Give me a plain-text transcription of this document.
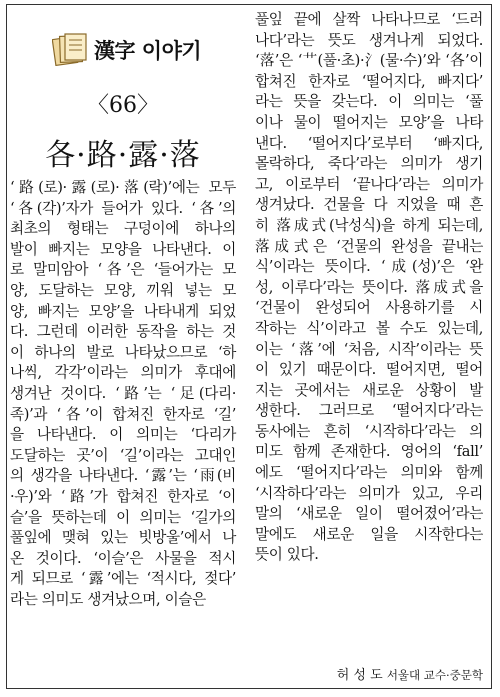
漢字 이야기
〈66〉
各·路·露·落
‘路(로)·露(로)·落(락)’에는 모두
‘各(각)’자가 들어가 있다. ‘各’의
최초의 형태는 구덩이에 하나의
발이 빠지는 모양을 나타낸다. 이
로 말미암아 ‘各’은 ‘들어가는 모
양, 도달하는 모양, 끼워 넣는 모
양, 빠지는 모양’을 나타내게 되었
다. 그런데 이러한 동작을 하는 것
이 하나의 발로 나타났으므로 ‘하
나씩, 각각’이라는 의미가 후대에
생겨난 것이다. ‘路’는 ‘足(다리·
족)’과 ‘各’이 합쳐진 한자로 ‘길’
을 나타낸다. 이 의미는 ‘다리가
도달하는 곳’이 ‘길’이라는 고대인
의 생각을 나타낸다. ‘露’는 ‘雨(비
·우)’와 ‘路’가 합쳐진 한자로 ‘이
슬’을 뜻하는데 이 의미는 ‘길가의
풀잎에 맺혀 있는 빗방울’에서 나
온 것이다. ‘이슬’은 사물을 적시
게 되므로 ‘露’에는 ‘적시다, 젖다’
라는 의미도 생겨났으며, 이슬은
풀잎 끝에 살짝 나타나므로 ‘드러
나다’라는 뜻도 생겨나게 되었다.
‘落’은 ‘艹(풀·초)·氵(물·수)’와 ‘各’이
합쳐진 한자로 ‘떨어지다, 빠지다’
라는 뜻을 갖는다. 이 의미는 ‘풀
이나 물이 떨어지는 모양’을 나타
낸다. ‘떨어지다’로부터 ‘빠지다,
몰락하다, 죽다’라는 의미가 생기
고, 이로부터 ‘끝나다’라는 의미가
생겨났다. 건물을 다 지었을 때 흔
히 落成式(낙성식)을 하게 되는데,
落成式은 ‘건물의 완성을 끝내는
식’이라는 뜻이다. ‘成(성)’은 ‘완
성, 이루다’라는 뜻이다. 落成式을
‘건물이 완성되어 사용하기를 시
작하는 식’이라고 볼 수도 있는데,
이는 ‘落’에 ‘처음, 시작’이라는 뜻
이 있기 때문이다. 떨어지면, 떨어
지는 곳에서는 새로운 상황이 발
생한다. 그러므로 ‘떨어지다’라는
동사에는 흔히 ‘시작하다’라는 의
미도 함께 존재한다. 영어의 ‘fall’
에도 ‘떨어지다’라는 의미와 함께
‘시작하다’라는 의미가 있고, 우리
말의 ‘새로운 일이 떨어졌어’라는
말에도 새로운 일을 시작한다는
뜻이 있다.
허 성 도 서울대 교수·중문학
